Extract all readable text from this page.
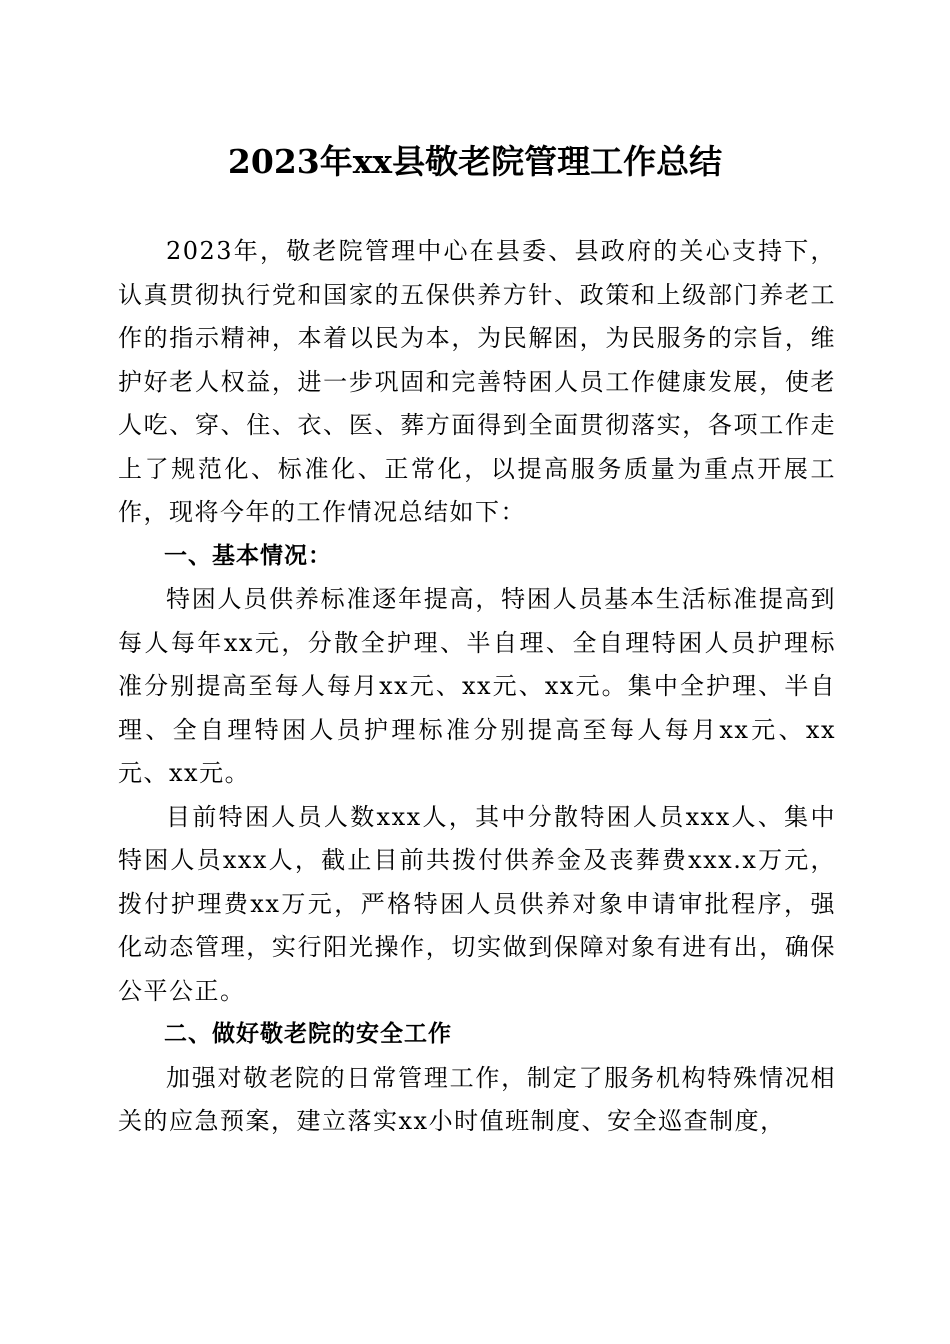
2023年xx县敬老院管理工作总结

2023年，敬老院管理中心在县委、县政府的关心支持下，认真贯彻执行党和国家的五保供养方针、政策和上级部门养老工作的指示精神，本着以民为本，为民解困，为民服务的宗旨，维护好老人权益，进一步巩固和完善特困人员工作健康发展，使老人吃、穿、住、衣、医、葬方面得到全面贯彻落实，各项工作走上了规范化、标准化、正常化，以提高服务质量为重点开展工作，现将今年的工作情况总结如下：

一、基本情况：

特困人员供养标准逐年提高，特困人员基本生活标准提高到每人每年xx元，分散全护理、半自理、全自理特困人员护理标准分别提高至每人每月xx元、xx元、xx元。集中全护理、半自理、全自理特困人员护理标准分别提高至每人每月xx元、xx元、xx元。

目前特困人员人数xxx人，其中分散特困人员xxx人、集中特困人员xxx人，截止目前共拨付供养金及丧葬费xxx.x万元，拨付护理费xx万元，严格特困人员供养对象申请审批程序，强化动态管理，实行阳光操作，切实做到保障对象有进有出，确保公平公正。

二、做好敬老院的安全工作

加强对敬老院的日常管理工作，制定了服务机构特殊情况相关的应急预案，建立落实xx小时值班制度、安全巡查制度，
